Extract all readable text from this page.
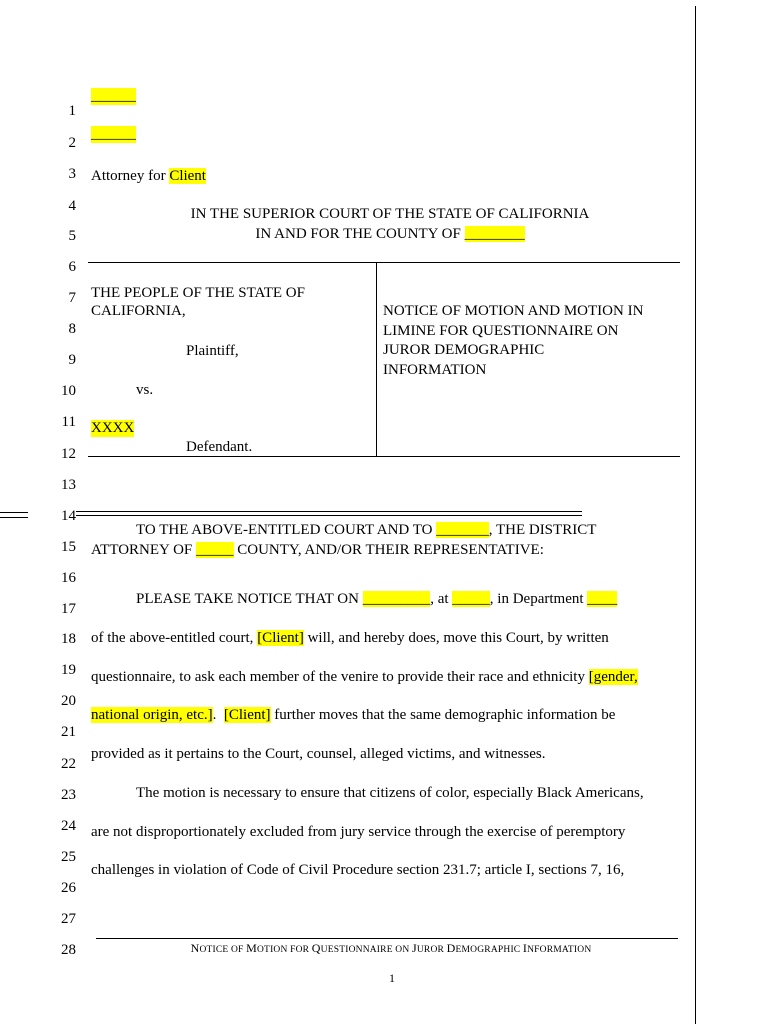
1
2
3
4
5
6
7
8
9
10
11
12
13
14
15
16
17
18
19
20
21
22
23
24
25
26
27
28
______
______
Attorney for Client
IN THE SUPERIOR COURT OF THE STATE OF CALIFORNIA
IN AND FOR THE COUNTY OF ________
THE PEOPLE OF THE STATE OF
CALIFORNIA,
Plaintiff,
vs.
XXXX
Defendant.
NOTICE OF MOTION AND MOTION IN
LIMINE FOR QUESTIONNAIRE ON
JUROR DEMOGRAPHIC
INFORMATION
TO THE ABOVE-ENTITLED COURT AND TO _______, THE DISTRICT
ATTORNEY OF _____ COUNTY, AND/OR THEIR REPRESENTATIVE:
PLEASE TAKE NOTICE THAT ON _________, at _____, in Department ____
of the above-entitled court, [Client] will, and hereby does, move this Court, by written
questionnaire, to ask each member of the venire to provide their race and ethnicity [gender,
national origin, etc.]. [Client] further moves that the same demographic information be
provided as it pertains to the Court, counsel, alleged victims, and witnesses.
The motion is necessary to ensure that citizens of color, especially Black Americans,
are not disproportionately excluded from jury service through the exercise of peremptory
challenges in violation of Code of Civil Procedure section 231.7; article I, sections 7, 16,
NOTICE OF MOTION FOR QUESTIONNAIRE ON JUROR DEMOGRAPHIC INFORMATION
1
